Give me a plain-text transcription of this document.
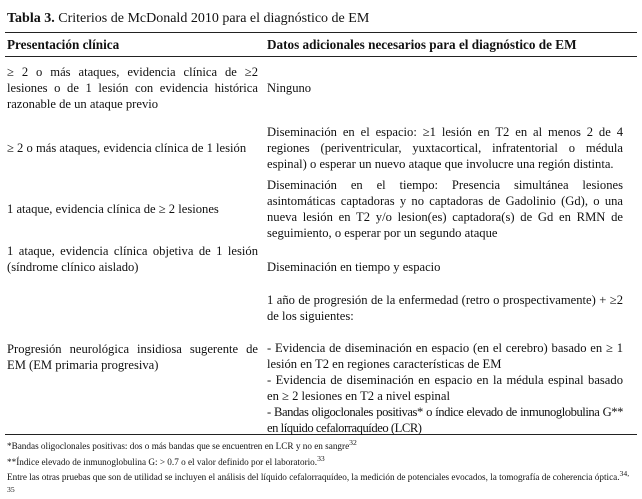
Tabla 3. Criterios de McDonald 2010 para el diagnóstico de EM
Presentación clínica	Datos adicionales necesarios para el diagnóstico de EM
≥ 2 o más ataques, evidencia clínica de ≥2 lesiones o de 1 lesión con evidencia histórica razonable de un ataque previo

Ninguno

≥ 2 o más ataques, evidencia clínica de 1 lesión

Diseminación en el espacio: ≥1 lesión en T2 en al menos 2 de 4 regiones (periventricular, yuxtacortical, infratentorial o médula espinal) o esperar un nuevo ataque que involucre una región distinta.

1 ataque, evidencia clínica de ≥ 2 lesiones

Diseminación en el tiempo: Presencia simultánea lesiones asintomáticas captadoras y no captadoras de Gadolinio (Gd), o una nueva lesión en T2 y/o lesion(es) captadora(s) de Gd en RMN de seguimiento, o esperar por un segundo ataque

1 ataque, evidencia clínica objetiva de 1 lesión (síndrome clínico aislado)	Diseminación en tiempo y espacio

Progresión neurológica insidiosa sugerente de EM (EM primaria progresiva)

1 año de progresión de la enfermedad (retro o prospectivamente) + ≥2 de los siguientes:

- Evidencia de diseminación en espacio (en el cerebro) basado en ≥ 1 lesión en T2 en regiones características de EM

- Evidencia de diseminación en espacio en la médula espinal basado en ≥ 2 lesiones en T2 a nivel espinal

- Bandas oligoclonales positivas* o índice elevado de inmunoglobulina G** en líquido cefalorraquídeo (LCR)

*Bandas oligoclonales positivas: dos o más bandas que se encuentren en LCR y no en sangre$^{32}$

**Índice elevado de inmunoglobulina G: > 0.7 o el valor definido por el laboratorio.$^{33}$

Entre las otras pruebas que son de utilidad se incluyen el análisis del líquido cefalorraquídeo, la medición de potenciales evocados, la tomografía de coherencia óptica.$^{34, 35}$
